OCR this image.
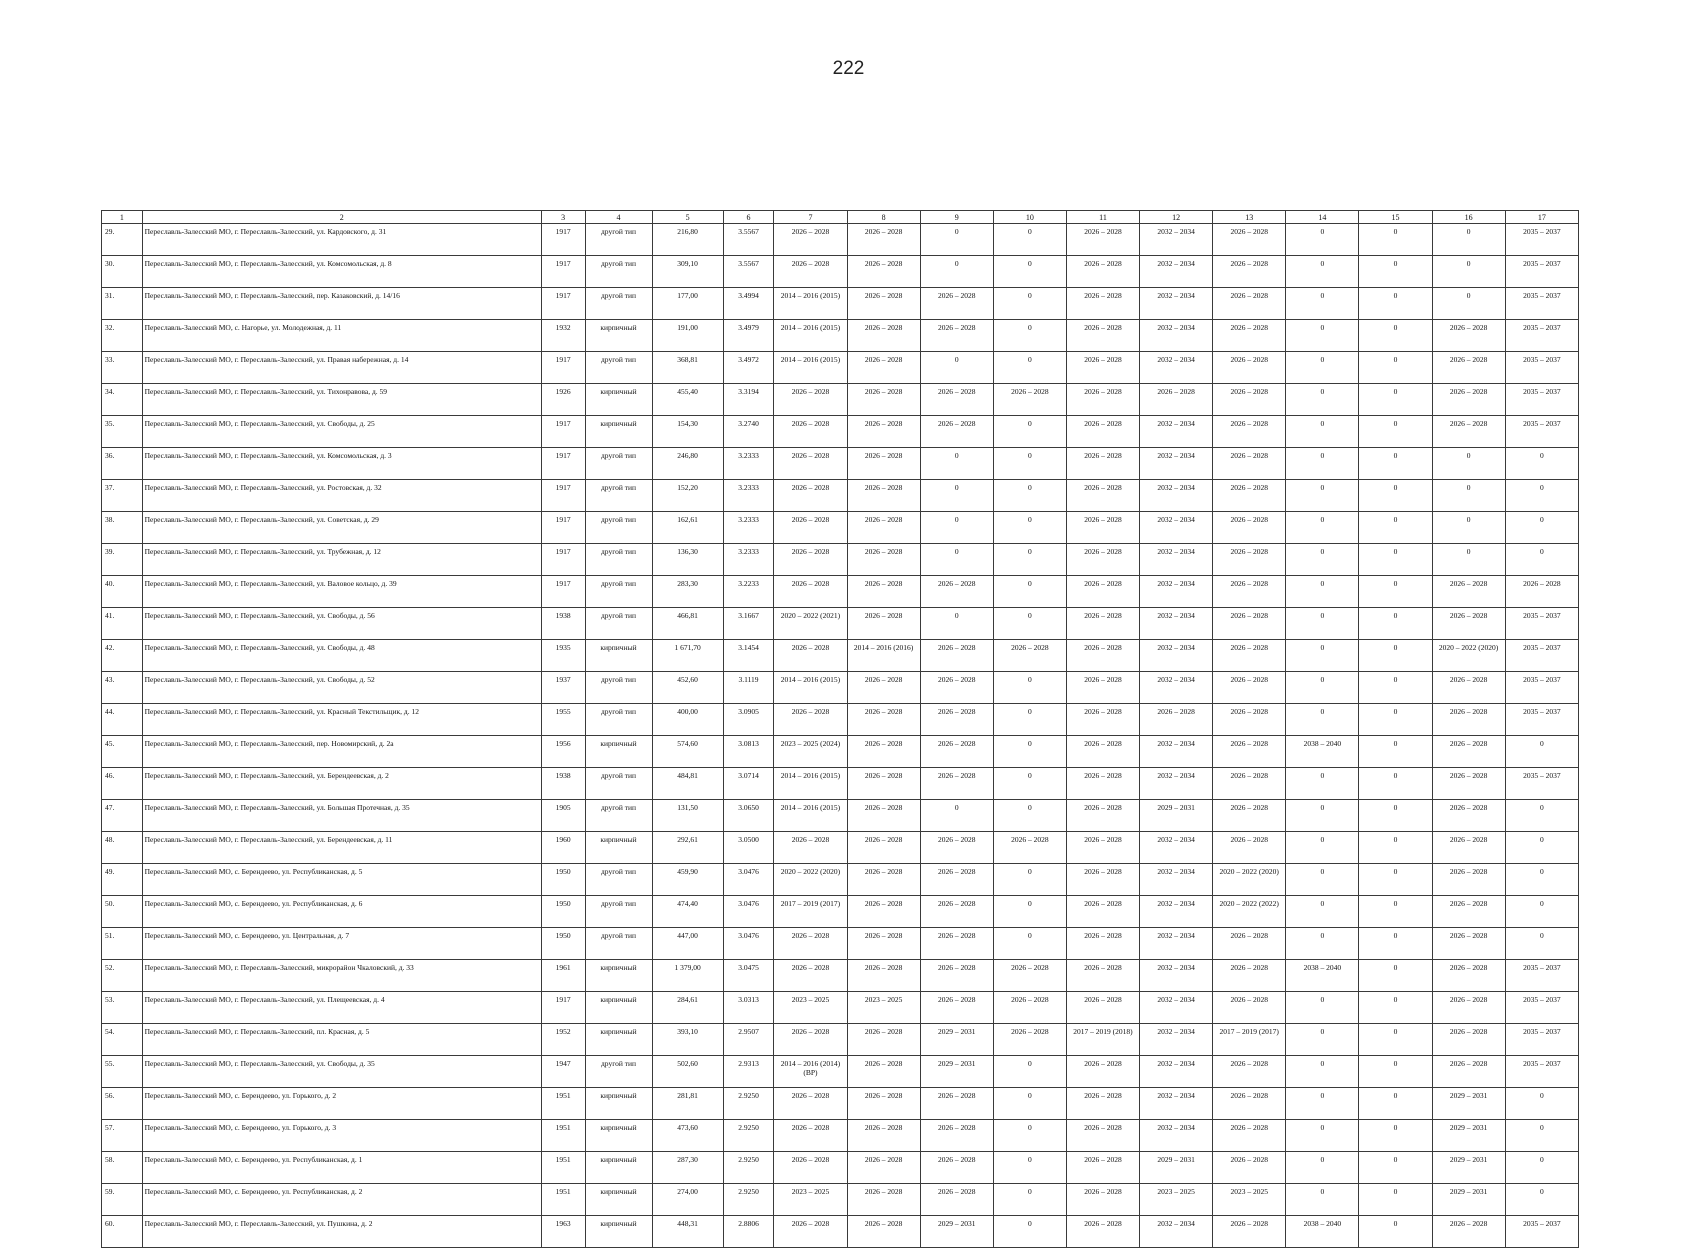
222
1	2	3	4	5	6	7	8	9	10	11	12	13	14	15	16	17
29.	Переславль-Залесский МО, г. Переславль-Залесский, ул. Кардовского, д. 31	1917	другой тип	216,80	3.5567	2026 – 2028	2026 – 2028	0	0	2026 – 2028	2032 – 2034	2026 – 2028	0	0	0	2035 – 2037
30.	Переславль-Залесский МО, г. Переславль-Залесский, ул. Комсомольская, д. 8	1917	другой тип	309,10	3.5567	2026 – 2028	2026 – 2028	0	0	2026 – 2028	2032 – 2034	2026 – 2028	0	0	0	2035 – 2037
31.	Переславль-Залесский МО, г. Переславль-Залесский, пер. Казаковский, д. 14/16	1917	другой тип	177,00	3.4994	2014 – 2016 (2015)	2026 – 2028	2026 – 2028	0	2026 – 2028	2032 – 2034	2026 – 2028	0	0	0	2035 – 2037
32.	Переславль-Залесский МО, с. Нагорье, ул. Молодежная, д. 11	1932	кирпичный	191,00	3.4979	2014 – 2016 (2015)	2026 – 2028	2026 – 2028	0	2026 – 2028	2032 – 2034	2026 – 2028	0	0	2026 – 2028	2035 – 2037
33.	Переславль-Залесский МО, г. Переславль-Залесский, ул. Правая набережная, д. 14	1917	другой тип	368,81	3.4972	2014 – 2016 (2015)	2026 – 2028	0	0	2026 – 2028	2032 – 2034	2026 – 2028	0	0	2026 – 2028	2035 – 2037
34.	Переславль-Залесский МО, г. Переславль-Залесский, ул. Тихонравова, д. 59	1926	кирпичный	455,40	3.3194	2026 – 2028	2026 – 2028	2026 – 2028	2026 – 2028	2026 – 2028	2026 – 2028	2026 – 2028	0	0	2026 – 2028	2035 – 2037
35.	Переславль-Залесский МО, г. Переславль-Залесский, ул. Свободы, д. 25	1917	кирпичный	154,30	3.2740	2026 – 2028	2026 – 2028	2026 – 2028	0	2026 – 2028	2032 – 2034	2026 – 2028	0	0	2026 – 2028	2035 – 2037
36.	Переславль-Залесский МО, г. Переславль-Залесский, ул. Комсомольская, д. 3	1917	другой тип	246,80	3.2333	2026 – 2028	2026 – 2028	0	0	2026 – 2028	2032 – 2034	2026 – 2028	0	0	0	0
37.	Переславль-Залесский МО, г. Переславль-Залесский, ул. Ростовская, д. 32	1917	другой тип	152,20	3.2333	2026 – 2028	2026 – 2028	0	0	2026 – 2028	2032 – 2034	2026 – 2028	0	0	0	0
38.	Переславль-Залесский МО, г. Переславль-Залесский, ул. Советская, д. 29	1917	другой тип	162,61	3.2333	2026 – 2028	2026 – 2028	0	0	2026 – 2028	2032 – 2034	2026 – 2028	0	0	0	0
39.	Переславль-Залесский МО, г. Переславль-Залесский, ул. Трубежная, д. 12	1917	другой тип	136,30	3.2333	2026 – 2028	2026 – 2028	0	0	2026 – 2028	2032 – 2034	2026 – 2028	0	0	0	0
40.	Переславль-Залесский МО, г. Переславль-Залесский, ул. Валовое кольцо, д. 39	1917	другой тип	283,30	3.2233	2026 – 2028	2026 – 2028	2026 – 2028	0	2026 – 2028	2032 – 2034	2026 – 2028	0	0	2026 – 2028	2026 – 2028
41.	Переславль-Залесский МО, г. Переславль-Залесский, ул. Свободы, д. 56	1938	другой тип	466,81	3.1667	2020 – 2022 (2021)	2026 – 2028	0	0	2026 – 2028	2032 – 2034	2026 – 2028	0	0	2026 – 2028	2035 – 2037
42.	Переславль-Залесский МО, г. Переславль-Залесский, ул. Свободы, д. 48	1935	кирпичный	1 671,70	3.1454	2026 – 2028	2014 – 2016 (2016)	2026 – 2028	2026 – 2028	2026 – 2028	2032 – 2034	2026 – 2028	0	0	2020 – 2022 (2020)	2035 – 2037
43.	Переславль-Залесский МО, г. Переславль-Залесский, ул. Свободы, д. 52	1937	другой тип	452,60	3.1119	2014 – 2016 (2015)	2026 – 2028	2026 – 2028	0	2026 – 2028	2032 – 2034	2026 – 2028	0	0	2026 – 2028	2035 – 2037
44.	Переславль-Залесский МО, г. Переславль-Залесский, ул. Красный Текстильщик, д. 12	1955	другой тип	400,00	3.0905	2026 – 2028	2026 – 2028	2026 – 2028	0	2026 – 2028	2026 – 2028	2026 – 2028	0	0	2026 – 2028	2035 – 2037
45.	Переславль-Залесский МО, г. Переславль-Залесский, пер. Новомирский, д. 2а	1956	кирпичный	574,60	3.0813	2023 – 2025 (2024)	2026 – 2028	2026 – 2028	0	2026 – 2028	2032 – 2034	2026 – 2028	2038 – 2040	0	2026 – 2028	0
46.	Переславль-Залесский МО, г. Переславль-Залесский, ул. Берендеевская, д. 2	1938	другой тип	484,81	3.0714	2014 – 2016 (2015)	2026 – 2028	2026 – 2028	0	2026 – 2028	2032 – 2034	2026 – 2028	0	0	2026 – 2028	2035 – 2037
47.	Переславль-Залесский МО, г. Переславль-Залесский, ул. Большая Протечная, д. 35	1905	другой тип	131,50	3.0650	2014 – 2016 (2015)	2026 – 2028	0	0	2026 – 2028	2029 – 2031	2026 – 2028	0	0	2026 – 2028	0
48.	Переславль-Залесский МО, г. Переславль-Залесский, ул. Берендеевская, д. 11	1960	кирпичный	292,61	3.0500	2026 – 2028	2026 – 2028	2026 – 2028	2026 – 2028	2026 – 2028	2032 – 2034	2026 – 2028	0	0	2026 – 2028	0
49.	Переславль-Залесский МО, с. Берендеево, ул. Республиканская, д. 5	1950	другой тип	459,90	3.0476	2020 – 2022 (2020)	2026 – 2028	2026 – 2028	0	2026 – 2028	2032 – 2034	2020 – 2022 (2020)	0	0	2026 – 2028	0
50.	Переславль-Залесский МО, с. Берендеево, ул. Республиканская, д. 6	1950	другой тип	474,40	3.0476	2017 – 2019 (2017)	2026 – 2028	2026 – 2028	0	2026 – 2028	2032 – 2034	2020 – 2022 (2022)	0	0	2026 – 2028	0
51.	Переславль-Залесский МО, с. Берендеево, ул. Центральная, д. 7	1950	другой тип	447,00	3.0476	2026 – 2028	2026 – 2028	2026 – 2028	0	2026 – 2028	2032 – 2034	2026 – 2028	0	0	2026 – 2028	0
52.	Переславль-Залесский МО, г. Переславль-Залесский, микрорайон Чкаловский, д. 33	1961	кирпичный	1 379,00	3.0475	2026 – 2028	2026 – 2028	2026 – 2028	2026 – 2028	2026 – 2028	2032 – 2034	2026 – 2028	2038 – 2040	0	2026 – 2028	2035 – 2037
53.	Переславль-Залесский МО, г. Переславль-Залесский, ул. Плещеевская, д. 4	1917	кирпичный	284,61	3.0313	2023 – 2025	2023 – 2025	2026 – 2028	2026 – 2028	2026 – 2028	2032 – 2034	2026 – 2028	0	0	2026 – 2028	2035 – 2037
54.	Переславль-Залесский МО, г. Переславль-Залесский, пл. Красная, д. 5	1952	кирпичный	393,10	2.9507	2026 – 2028	2026 – 2028	2029 – 2031	2026 – 2028	2017 – 2019 (2018)	2032 – 2034	2017 – 2019 (2017)	0	0	2026 – 2028	2035 – 2037
55.	Переславль-Залесский МО, г. Переславль-Залесский, ул. Свободы, д. 35	1947	другой тип	502,60	2.9313	2014 – 2016 (2014) (ВР)	2026 – 2028	2029 – 2031	0	2026 – 2028	2032 – 2034	2026 – 2028	0	0	2026 – 2028	2035 – 2037
56.	Переславль-Залесский МО, с. Берендеево, ул. Горького, д. 2	1951	кирпичный	281,81	2.9250	2026 – 2028	2026 – 2028	2026 – 2028	0	2026 – 2028	2032 – 2034	2026 – 2028	0	0	2029 – 2031	0
57.	Переславль-Залесский МО, с. Берендеево, ул. Горького, д. 3	1951	кирпичный	473,60	2.9250	2026 – 2028	2026 – 2028	2026 – 2028	0	2026 – 2028	2032 – 2034	2026 – 2028	0	0	2029 – 2031	0
58.	Переславль-Залесский МО, с. Берендеево, ул. Республиканская, д. 1	1951	кирпичный	287,30	2.9250	2026 – 2028	2026 – 2028	2026 – 2028	0	2026 – 2028	2029 – 2031	2026 – 2028	0	0	2029 – 2031	0
59.	Переславль-Залесский МО, с. Берендеево, ул. Республиканская, д. 2	1951	кирпичный	274,00	2.9250	2023 – 2025	2026 – 2028	2026 – 2028	0	2026 – 2028	2023 – 2025	2023 – 2025	0	0	2029 – 2031	0
60.	Переславль-Залесский МО, г. Переславль-Залесский, ул. Пушкина, д. 2	1963	кирпичный	448,31	2.8806	2026 – 2028	2026 – 2028	2029 – 2031	0	2026 – 2028	2032 – 2034	2026 – 2028	2038 – 2040	0	2026 – 2028	2035 – 2037
